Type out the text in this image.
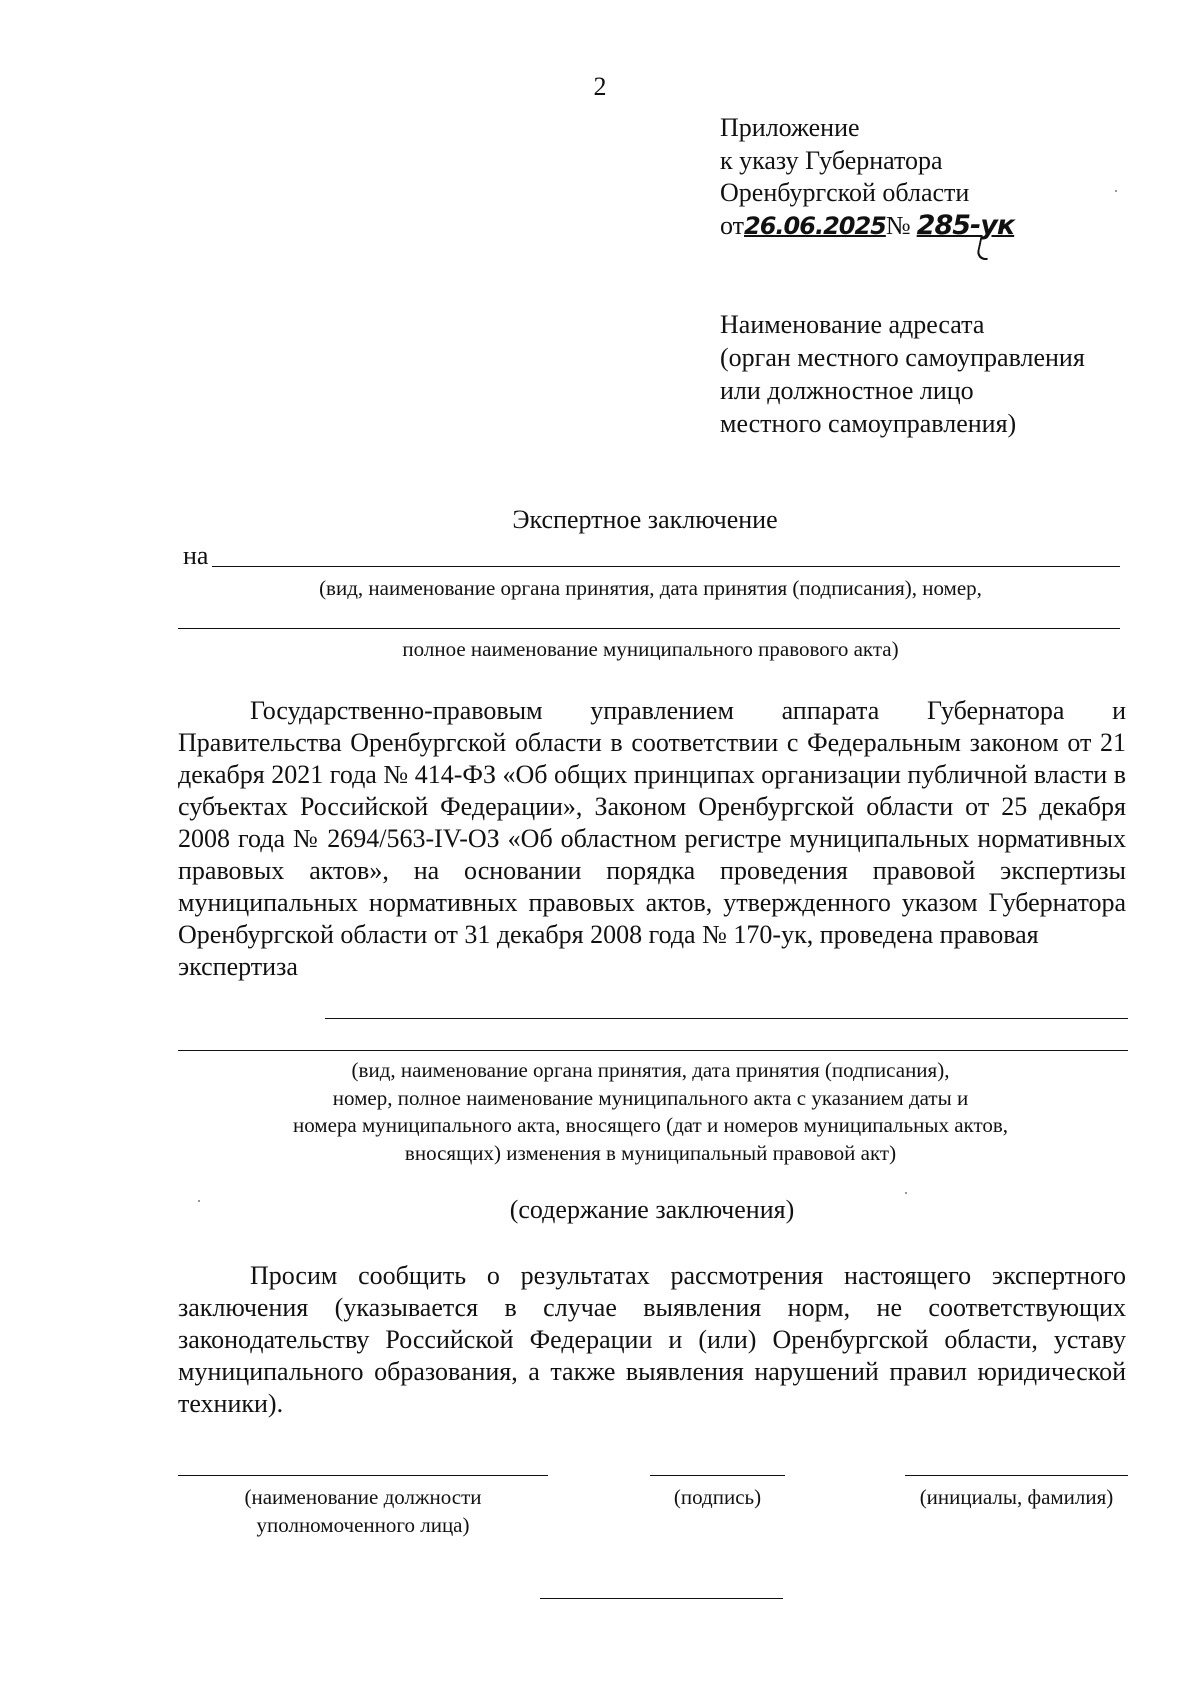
2
Приложение
к указу Губернатора
Оренбургской области
от26.06.2025№ 285-ук
Наименование адресата
(орган местного самоуправления
или должностное лицо
местного самоуправления)
Экспертное заключение
на
(вид, наименование органа принятия, дата принятия (подписания), номер,
полное наименование муниципального правового акта)

Государственно-правовым управлением аппарата Губернатора и Правительства Оренбургской области в соответствии с Федеральным законом от 21 декабря 2021 года № 414-ФЗ «Об общих принципах организации публичной власти в субъектах Российской Федерации», Законом Оренбургской области от 25 декабря 2008 года № 2694/563-IV-ОЗ «Об областном регистре муниципальных нормативных правовых актов», на основании порядка проведения правовой экспертизы муниципальных нормативных правовых актов, утвержденного указом Губернатора Оренбургской области от 31 декабря 2008 года № 170-ук, проведена правовая

экспертиза

(вид, наименование органа принятия, дата принятия (подписания),
номер, полное наименование муниципального акта с указанием даты и
номера муниципального акта, вносящего (дат и номеров муниципальных актов,
вносящих) изменения в муниципальный правовой акт)
(содержание заключения)

Просим сообщить о результатах рассмотрения настоящего экспертного заключения (указывается в случае выявления норм, не соответствующих законодательству Российской Федерации и (или) Оренбургской области, уставу муниципального образования, а также выявления нарушений правил юридической техники).

(наименование должности
уполномоченного лица)
(подпись)	(инициалы, фамилия)
